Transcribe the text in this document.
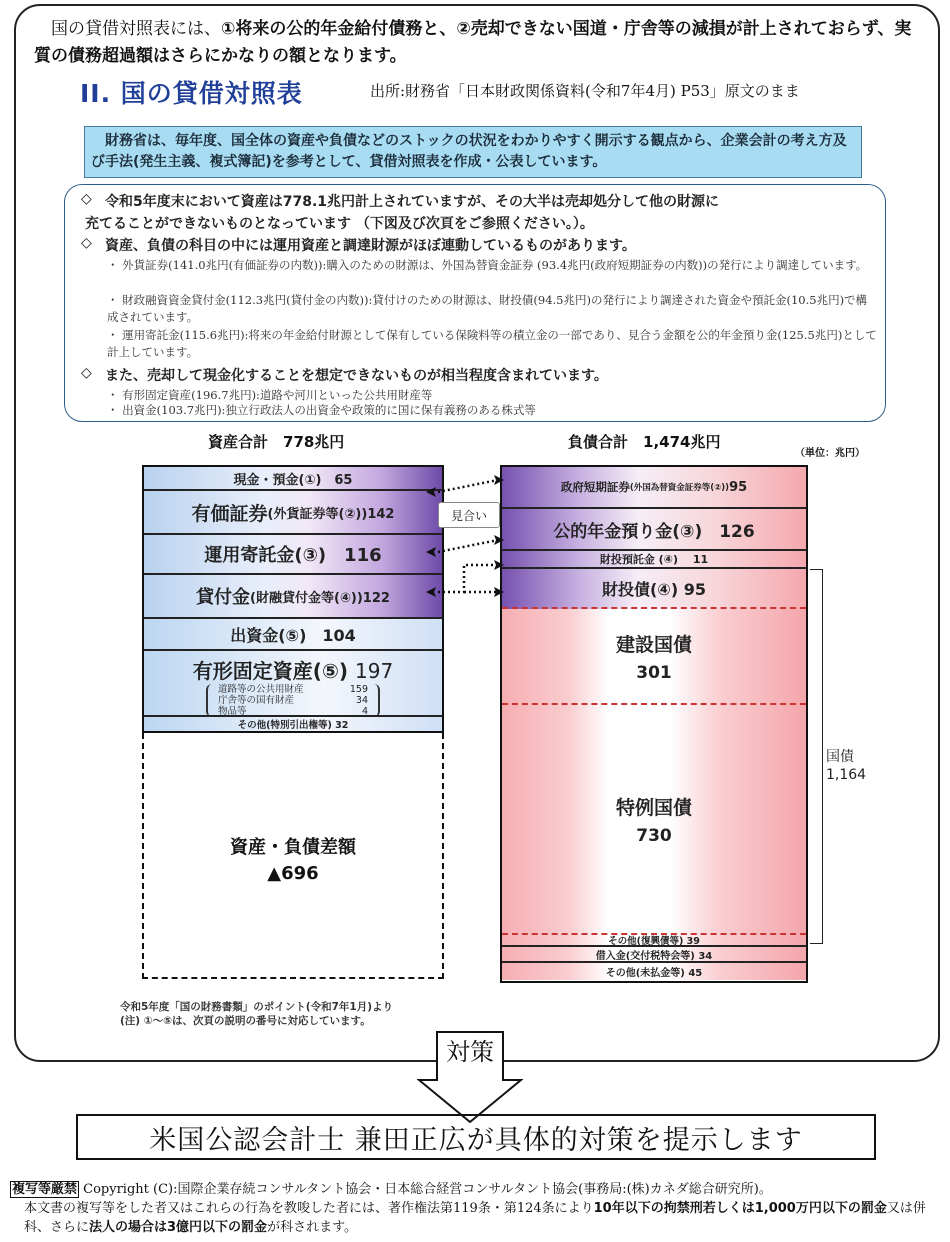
　国の貸借対照表には、①将来の公的年金給付債務と、②売却できない国道・庁舎等の減損が計上されておらず、実質の債務超過額はさらにかなりの額となります。
II. 国の貸借対照表	出所:財務省「日本財政関係資料(令和7年4月) P53」原文のまま
　財務省は、毎年度、国全体の資産や負債などのストックの状況をわかりやすく開示する観点から、企業会計の考え方及び手法(発生主義、複式簿記)を参考として、貸借対照表を作成・公表しています。
◇ 令和5年度末において資産は778.1兆円計上されていますが、その大半は売却処分して他の財源に
充てることができないものとなっています （下図及び次頁をご参照ください。）。
◇ 資産、負債の科目の中には運用資産と調達財源がほぼ連動しているものがあります。
・ 外貨証券(141.0兆円(有価証券の内数)):購入のための財源は、外国為替資金証券 (93.4兆円(政府短期証券の内数))の発行により調達しています。
・ 財政融資資金貸付金(112.3兆円(貸付金の内数)):貸付けのための財源は、財投債(94.5兆円)の発行により調達された資金や預託金(10.5兆円)で構成されています。
・ 運用寄託金(115.6兆円):将来の年金給付財源として保有している保険料等の積立金の一部であり、見合う金額を公的年金預り金(125.5兆円)として計上しています。
◇ また、売却して現金化することを想定できないものが相当程度含まれています。
・ 有形固定資産(196.7兆円):道路や河川といった公共用財産等
・ 出資金(103.7兆円):独立行政法人の出資金や政策的に国に保有義務のある株式等
資産合計　778兆円	負債合計　1,474兆円
（単位：兆円）
現金・預金(①)　65
有価証券 (外貨証券等(②))142
運用寄託金(③)　116
貸付金 (財融貸付金等(④))122
出資金(⑤)　104
有形固定資産(⑤) 197
道路等の公共用財産	159
庁舎等の国有財産	34
物品等	4
その他(特別引出権等) 32
資産・負債差額
▲696
政府短期証券 (外国為替資金証券等(②)) 95
公的年金預り金(③)　126
財投預託金 (④)　 11
財投債(④) 95
建設国債
301
特例国債
730
その他(復興債等) 39
借入金(交付税特会等) 34
その他(未払金等) 45
国債
1,164
見合い
令和5年度「国の財務書類」のポイント(令和7年1月)より
(注) ①～⑤は、次頁の説明の番号に対応しています。
対策
米国公認会計士 兼田正広が具体的対策を提示します
複写等厳禁 Copyright (C):国際企業存続コンサルタント協会・日本総合経営コンサルタント協会(事務局:(株)カネダ総合研究所)。
本文書の複写等をした者又はこれらの行為を教唆した者には、著作権法第119条・第124条により10年以下の拘禁刑若しくは1,000万円以下の罰金又は併科、さらに法人の場合は3億円以下の罰金が科されます。
